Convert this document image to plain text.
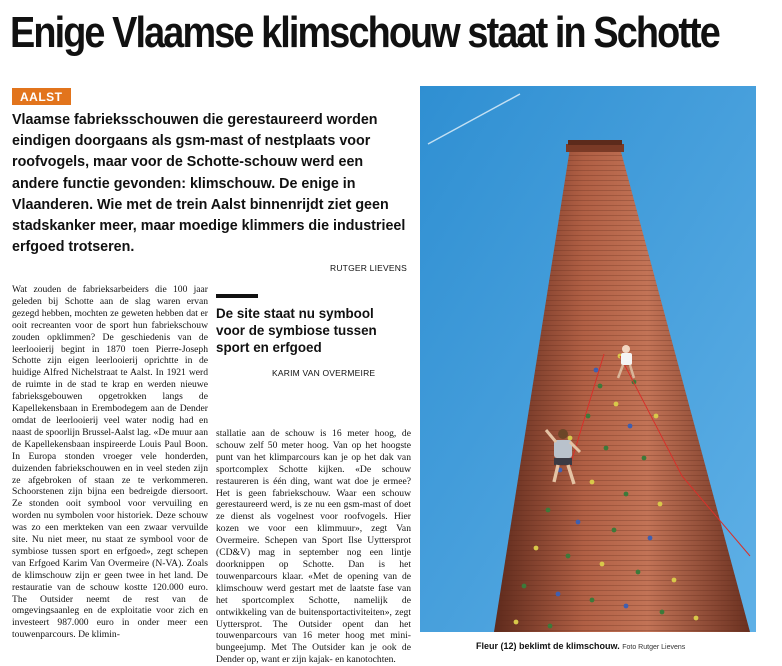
Enige Vlaamse klimschouw staat in Schotte
AALST

Vlaamse fabrieksschouwen die gerestaureerd worden eindigen doorgaans als gsm-mast of nestplaats voor roofvogels, maar voor de Schotte-schouw werd een andere functie gevonden: klimschouw. De enige in Vlaanderen. Wie met de trein Aalst binnenrijdt ziet geen stadskanker meer, maar moedige klimmers die industrieel erfgoed trotseren.

RUTGER LIEVENS

Wat zouden de fabrieksarbeiders die 100 jaar geleden bij Schotte aan de slag waren ervan gezegd hebben, mochten ze geweten hebben dat er ooit recreanten voor de sport hun fabriekschouw zouden opklimmen? De geschiedenis van de leerlooierij begint in 1870 toen Pierre-Joseph Schotte zijn eigen leerlooierij oprichtte in de huidige Alfred Nichelstraat te Aalst. In 1921 werd de ruimte in de stad te krap en werden nieuwe fabrieksgebouwen opgetrokken langs de Kapellekensbaan in Erembodegem aan de Dender omdat de leerlooierij veel water nodig had en naast de spoorlijn Brussel-Aalst lag. «De muur aan de Kapellekensbaan inspireerde Louis Paul Boon. In Europa stonden vroeger vele honderden, duizenden fabriekschouwen en in veel steden zijn ze afgebroken of staan ze te verkommeren. Schoorstenen zijn bijna een bedreigde diersoort. Ze stonden ooit symbool voor vervuiling en worden nu symbolen voor historiek. Deze schouw was zo een merkteken van een zwaar vervuilde site. Nu niet meer, nu staat ze symbool voor de symbiose tussen sport en erfgoed», zegt schepen van Erfgoed Karim Van Overmeire (N-VA). Zoals de klimschouw zijn er geen twee in het land. De restauratie van de schouw kostte 120.000 euro. The Outsider neemt de rest van de omgevingsaanleg en de exploitatie voor zich en investeert 987.000 euro in onder meer een touwenparcours. De klimin-

De site staat nu symbool voor de symbiose tussen sport en erfgoed

KARIM VAN OVERMEIRE

stallatie aan de schouw is 16 meter hoog, de schouw zelf 50 meter hoog. Van op het hoogste punt van het klimparcours kan je op het dak van sportcomplex Schotte kijken. «De schouw restaureren is één ding, want wat doe je ermee? Het is geen fabriekschouw. Waar een schouw gerestaureerd werd, is ze nu een gsm-mast of doet ze dienst als vogelnest voor roofvogels. Hier kozen we voor een klimmuur», zegt Van Overmeire. Schepen van Sport Ilse Uyttersprot (CD&V) mag in september nog een lintje doorknippen op Schotte. Dan is het touwenparcours klaar. «Met de opening van de klimschouw werd gestart met de laatste fase van het sportcomplex Schotte, namelijk de ontwikkeling van de buitensportactiviteiten», zegt Uyttersprot. The Outsider opent dan het touwenparcours van 16 meter hoog met mini-bungeejump. Met The Outsider kan je ook de Dender op, want er zijn kajak- en kanotochten.

Fleur (12) beklimt de klimschouw. Foto Rutger Lievens
